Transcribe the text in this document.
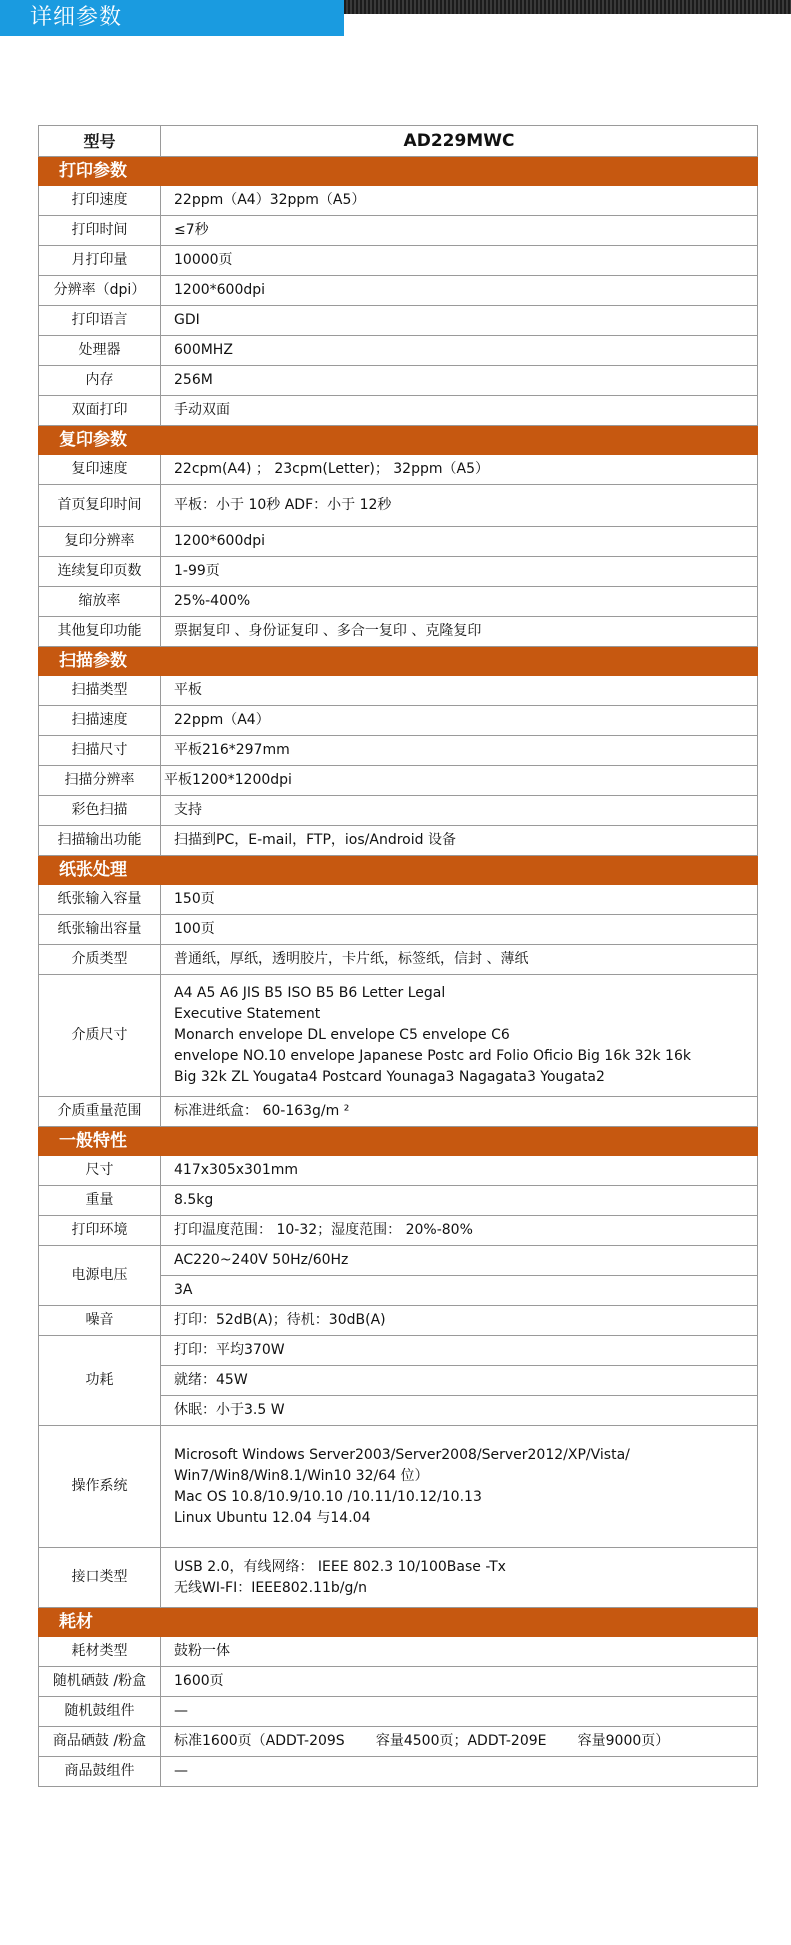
详细参数
型号	AD229MWC
打印参数	
打印速度	22ppm（A4）32ppm（A5）
打印时间	≤7秒
月打印量	10000页
分辨率（dpi）	1200*600dpi
打印语言	GDI
处理器	600MHZ
内存	256M
双面打印	手动双面
复印参数	
复印速度	22cpm(A4) ； 23cpm(Letter)； 32ppm（A5）
首页复印时间	平板：小于 10秒 ADF：小于 12秒
复印分辨率	1200*600dpi
连续复印页数	1-99页
缩放率	25%-400%
其他复印功能	票据复印 、身份证复印 、多合一复印 、克隆复印
扫描参数	
扫描类型	平板
扫描速度	22ppm（A4）
扫描尺寸	平板216*297mm
扫描分辨率	平板1200*1200dpi
彩色扫描	支持
扫描输出功能	扫描到PC，E-mail，FTP，ios/Android 设备
纸张处理	
纸张输入容量	150页
纸张输出容量	100页
介质类型	普通纸，厚纸，透明胶片，卡片纸，标签纸，信封 、薄纸
介质尺寸	A4 A5 A6 JIS B5 ISO B5 B6 Letter Legal
Executive Statement
Monarch envelope DL envelope C5 envelope C6
envelope NO.10 envelope Japanese Postc ard Folio Oficio Big 16k 32k 16k
Big 32k ZL Yougata4 Postcard Younaga3 Nagagata3 Yougata2

介质重量范围	标准进纸盒： 60-163g/m ²
一般特性	
尺寸	417x305x301mm
重量	8.5kg
打印环境	打印温度范围： 10-32；湿度范围： 20%-80%
电源电压	AC220~240V 50Hz/60Hz
	3A
噪音	打印：52dB(A)；待机：30dB(A)
功耗	打印：平均370W
	就绪：45W
	休眠：小于3.5 W
操作系统	Microsoft Windows Server2003/Server2008/Server2012/XP/Vista/
Win7/Win8/Win8.1/Win10 32/64 位）
Mac OS 10.8/10.9/10.10 /10.11/10.12/10.13
Linux Ubuntu 12.04 与14.04

接口类型	USB 2.0，有线网络： IEEE 802.3 10/100Base -Tx
无线WI-FI：IEEE802.11b/g/n

耗材	
耗材类型	鼓粉一体
随机硒鼓 /粉盒	1600页
随机鼓组件	—
商品硒鼓 /粉盒	标准1600页（ADDT-209S       容量4500页；ADDT-209E       容量9000页）
商品鼓组件	—
